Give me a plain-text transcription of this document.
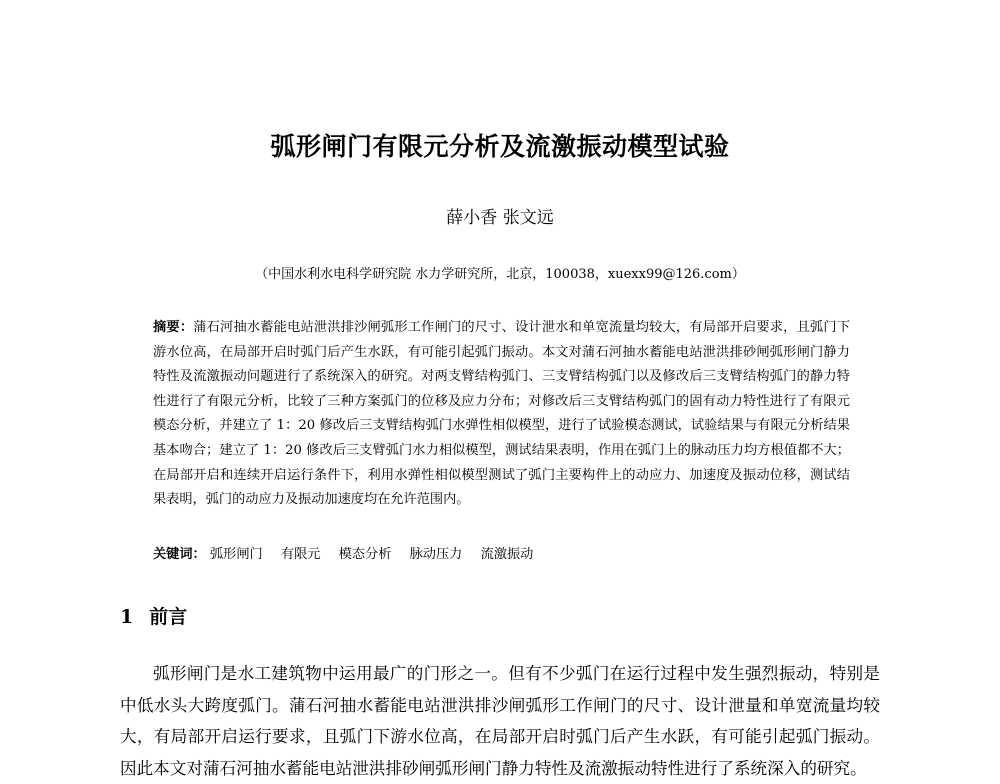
弧形闸门有限元分析及流激振动模型试验
薛小香 张文远
（中国水利水电科学研究院 水力学研究所，北京，100038，xuexx99@126.com）
摘要：蒲石河抽水蓄能电站泄洪排沙闸弧形工作闸门的尺寸、设计泄水和单宽流量均较大，有局部开启要求，且弧门下游水位高，在局部开启时弧门后产生水跃，有可能引起弧门振动。本文对蒲石河抽水蓄能电站泄洪排砂闸弧形闸门静力特性及流激振动问题进行了系统深入的研究。对两支臂结构弧门、三支臂结构弧门以及修改后三支臂结构弧门的静力特性进行了有限元分析，比较了三种方案弧门的位移及应力分布；对修改后三支臂结构弧门的固有动力特性进行了有限元模态分析，并建立了 1：20 修改后三支臂结构弧门水弹性相似模型，进行了试验模态测试，试验结果与有限元分析结果基本吻合；建立了 1：20 修改后三支臂弧门水力相似模型，测试结果表明，作用在弧门上的脉动压力均方根值都不大；在局部开启和连续开启运行条件下，利用水弹性相似模型测试了弧门主要构件上的动应力、加速度及振动位移，测试结果表明，弧门的动应力及振动加速度均在允许范围内。
关键词： 弧形闸门 有限元 模态分析 脉动压力 流激振动
1 前言
弧形闸门是水工建筑物中运用最广的门形之一。但有不少弧门在运行过程中发生强烈振动，特别是中低水头大跨度弧门。蒲石河抽水蓄能电站泄洪排沙闸弧形工作闸门的尺寸、设计泄量和单宽流量均较大，有局部开启运行要求，且弧门下游水位高，在局部开启时弧门后产生水跃，有可能引起弧门振动。因此本文对蒲石河抽水蓄能电站泄洪排砂闸弧形闸门静力特性及流激振动特性进行了系统深入的研究。
